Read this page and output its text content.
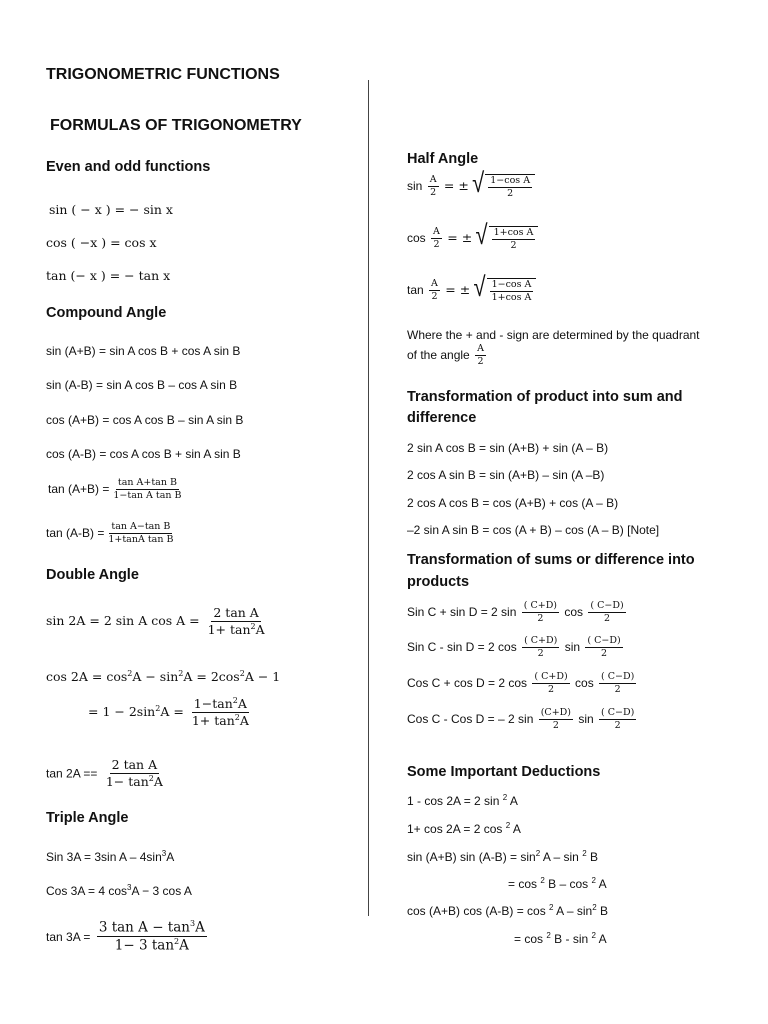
TRIGONOMETRIC FUNCTIONS
FORMULAS OF TRIGONOMETRY
Even and odd functions
sin ( − x ) = − sin x
cos ( −x ) = cos x
tan (− x ) = − tan x
Compound Angle
sin (A+B) = sin A cos B + cos A sin B
sin (A-B) = sin A cos B – cos A sin B
cos (A+B) = cos A cos B – sin A sin B
cos (A-B) = cos A cos B + sin A sin B
$\tan (A+B) = \frac{\text{tan A+tan B}}{\text{1−tan A tan B}}$
$\tan (A-B) = \frac{\text{tan A−tan B}}{\text{1+tanA tan B}}$
Double Angle
sin 2A = 2 sin A $\cos A = \frac{\text{2 tan A}}{1+ \tan^2A}$
$\cos 2A = \cos^2A - \sin^2A = 2\cos^2A - 1$
= $1 - 2\sin^2A = \frac{1-\tan^2A}{1+ \tan^2A}$
$\tan 2A == \frac{\text{2 tan A}}{1- \tan^2A}$
Triple Angle
Sin 3A = 3sin A – $4\sin^3A$
Cos 3A = 4 $\cos^3A - 3$ cos A
$\tan 3A = \frac{3 \tan A - \tan^3A}{1- 3 \tan^2A}$
Half Angle
$\sin \frac{A}{2}$ = ± √ $\frac{\text{1−cos A}}{2}$
$\cos \frac{A}{2}$ = ± √ $\frac{\text{1+cos A}}{2}$
$\tan \frac{A}{2}$ = ± √ $\frac{\text{1−cos A}}{\text{1+cos A}}$
Where the + and - sign are determined by the quadrant
of the angle $\frac{A}{2}$
Transformation of product into sum and
difference
2 sin A cos B = sin (A+B) + sin (A – B)
2 cos A sin B = sin (A+B) – sin (A –B)
2 cos A cos B = cos (A+B) + cos (A – B)
–2 sin A sin B = cos (A + B) – cos (A – B) [Note]
Transformation of sums or difference into
products
Sin C + sin D = 2 $\sin \frac{( C+D)}{2}$ $\cos \frac{( C-D)}{2}$
Sin C - sin D = 2 $\cos \frac{( C+D)}{2}$ $\sin \frac{( C-D)}{2}$
Cos C + cos D = 2 $\cos \frac{( C+D)}{2}$ $\cos \frac{( C-D)}{2}$
Cos C - Cos D = – 2 $\sin \frac{(C+D)}{2}$ $\sin \frac{( C-D)}{2}$
Some Important Deductions
1 - cos 2A = 2 sin $^2$ A
1+ cos 2A = 2 cos $^2$ A
sin (A+B) $\sin (A-B) = \sin^2 A - \sin ^2$ B
= cos $^2$ B – cos $^2$ A
cos (A+B) cos (A-B) = cos $^2$ A – $\sin^2 B$
= cos $^2$ B - sin $^2$ A
